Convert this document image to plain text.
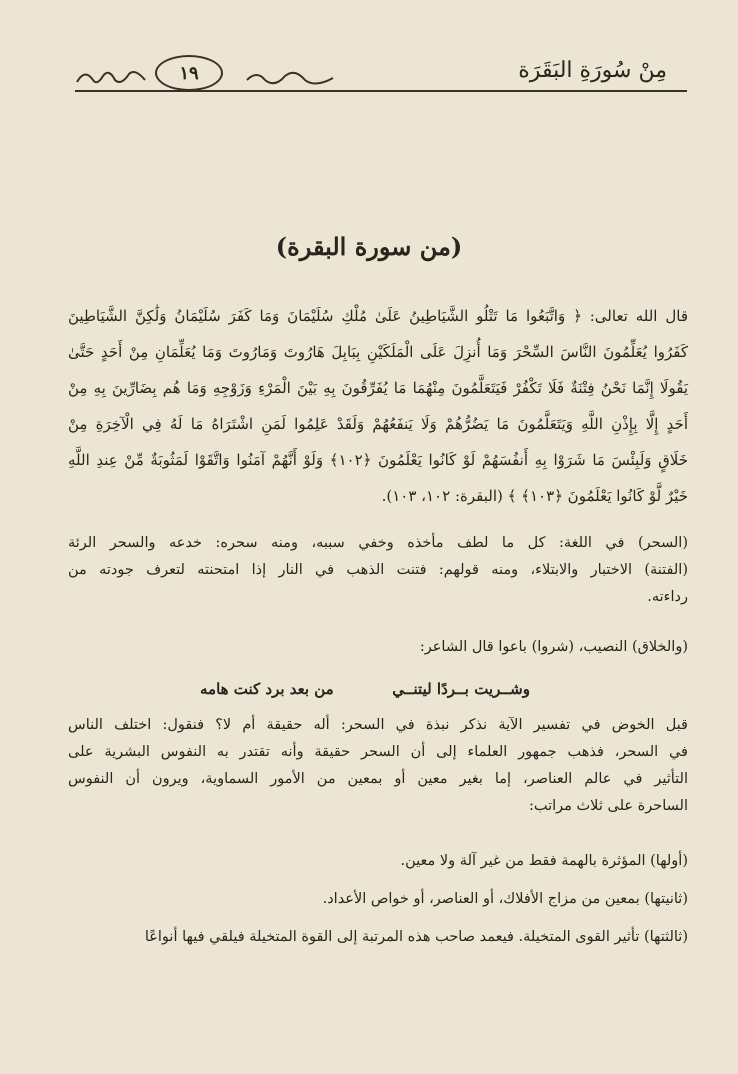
١٩	مِنْ سُورَةِ البَقَرَة
(من سورة البقرة)

قال الله تعالى: ﴿ وَاتَّبَعُوا مَا تَتْلُو الشَّيَاطِينُ عَلَىٰ مُلْكِ سُلَيْمَانَ وَمَا كَفَرَ سُلَيْمَانُ وَلَٰكِنَّ الشَّيَاطِينَ

كَفَرُوا يُعَلِّمُونَ النَّاسَ السِّحْرَ وَمَا أُنزِلَ عَلَى الْمَلَكَيْنِ بِبَابِلَ هَارُوتَ وَمَارُوتَ وَمَا يُعَلِّمَانِ مِنْ أَحَدٍ حَتَّىٰ

يَقُولَا إِنَّمَا نَحْنُ فِتْنَةٌ فَلَا تَكْفُرْ فَيَتَعَلَّمُونَ مِنْهُمَا مَا يُفَرِّقُونَ بِهِ بَيْنَ الْمَرْءِ وَزَوْجِهِ وَمَا هُم بِضَارِّينَ بِهِ مِنْ

أَحَدٍ إِلَّا بِإِذْنِ اللَّهِ وَيَتَعَلَّمُونَ مَا يَضُرُّهُمْ وَلَا يَنفَعُهُمْ وَلَقَدْ عَلِمُوا لَمَنِ اشْتَرَاهُ مَا لَهُ فِي الْآخِرَةِ مِنْ

خَلَاقٍ وَلَبِئْسَ مَا شَرَوْا بِهِ أَنفُسَهُمْ لَوْ كَانُوا يَعْلَمُونَ ﴿١٠٢﴾ وَلَوْ أَنَّهُمْ آمَنُوا وَاتَّقَوْا لَمَثُوبَةٌ مِّنْ عِندِ اللَّهِ

خَيْرٌ لَّوْ كَانُوا يَعْلَمُونَ ﴿١٠٣﴾ ﴾ (البقرة: ١٠٢، ١٠٣).

(السحر) في اللغة: كل ما لطف مأخذه وخفي سببه، ومنه سحره: خدعه والسحر الرئة

(الفتنة) الاختبار والابتلاء، ومنه قولهم: فتنت الذهب في النار إذا امتحنته لتعرف جودته من

رداءته.

(والخلاق) النصيب، (شروا) باعوا قال الشاعر:

وشــريت بــردًا ليتنــي
من بعد برد كنت هامه

قبل الخوض في تفسير الآية نذكر نبذة في السحر: أله حقيقة أم لا؟ فنقول: اختلف الناس

في السحر، فذهب جمهور العلماء إلى أن السحر حقيقة وأنه تقتدر به النفوس البشرية على

التأثير في عالم العناصر، إما بغير معين أو بمعين من الأمور السماوية، ويرون أن النفوس

الساحرة على ثلاث مراتب:

(أولها) المؤثرة بالهمة فقط من غير آلة ولا معين.

(ثانيتها) بمعين من مزاج الأفلاك، أو العناصر، أو خواص الأعداد.

(ثالثتها) تأثير القوى المتخيلة. فيعمد صاحب هذه المرتبة إلى القوة المتخيلة فيلقي فيها أنواعًا
